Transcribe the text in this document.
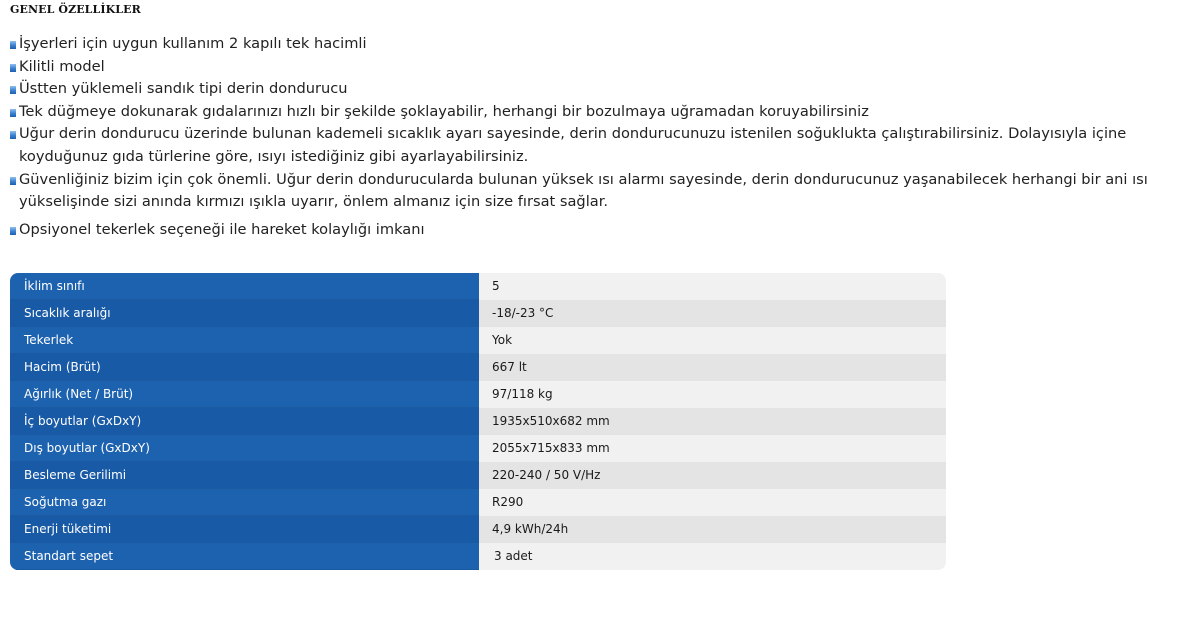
GENEL ÖZELLİKLER
İşyerleri için uygun kullanım 2 kapılı tek hacimli
Kilitli model
Üstten yüklemeli sandık tipi derin dondurucu
Tek düğmeye dokunarak gıdalarınızı hızlı bir şekilde şoklayabilir, herhangi bir bozulmaya uğramadan koruyabilirsiniz
Uğur derin dondurucu üzerinde bulunan kademeli sıcaklık ayarı sayesinde, derin dondurucunuzu istenilen soğuklukta çalıştırabilirsiniz. Dolayısıyla içine koyduğunuz gıda türlerine göre, ısıyı istediğiniz gibi ayarlayabilirsiniz.
Güvenliğiniz bizim için çok önemli. Uğur derin dondurucularda bulunan yüksek ısı alarmı sayesinde, derin dondurucunuz yaşanabilecek herhangi bir ani ısı yükselişinde sizi anında kırmızı ışıkla uyarır, önlem almanız için size fırsat sağlar.
Opsiyonel tekerlek seçeneği ile hareket kolaylığı imkanı
İklim sınıfı	5
Sıcaklık aralığı	-18/-23 °C
Tekerlek	Yok
Hacim (Brüt)	667 lt
Ağırlık (Net / Brüt)	97/118 kg
İç boyutlar (GxDxY)	1935x510x682 mm
Dış boyutlar (GxDxY)	2055x715x833 mm
Besleme Gerilimi	220-240 / 50 V/Hz
Soğutma gazı	R290
Enerji tüketimi	4,9 kWh/24h
Standart sepet	3 adet
